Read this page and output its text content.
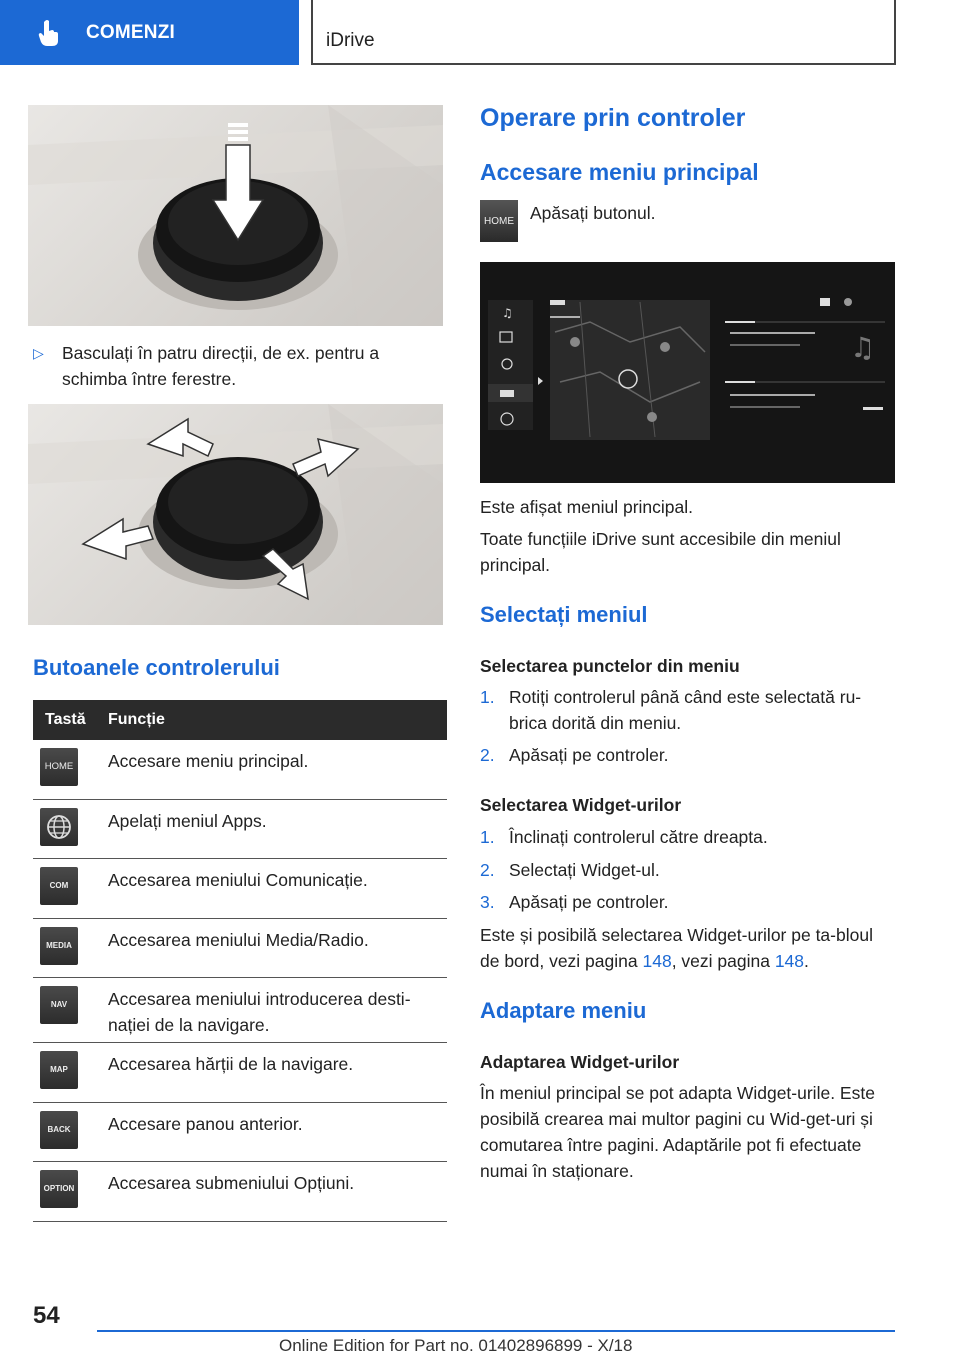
COMENZI	iDrive
▷	Basculați în patru direcții, de ex. pentru a schimba între ferestre.
Butoanele controlerului
Tastă	Funcție
HOME Accesare meniu principal.
Apelați meniul Apps.
COM	Accesarea meniului Comunicație.
MEDIA	Accesarea meniului Media/Radio.
NAV	Accesarea meniului introducerea desti-nației de la navigare.
MAP	Accesarea hărții de la navigare.
BACK	Accesare panou anterior.
OPTION Accesarea submeniului Opțiuni.
Operare prin controler
Accesare meniu principal
HOME Apăsați butonul.
♫
♫
Este afișat meniul principal.
Toate funcțiile iDrive sunt accesibile din meniul principal.
Selectați meniul
Selectarea punctelor din meniu
1. Rotiți controlerul până când este selectată ru-brica dorită din meniu.
2. Apăsați pe controler.
Selectarea Widget-urilor
1. Înclinați controlerul către dreapta.
2. Selectați Widget-ul.
3. Apăsați pe controler.
Este și posibilă selectarea Widget-urilor pe ta-bloul de bord, vezi pagina 148, vezi pagina 148.
Adaptare meniu
Adaptarea Widget-urilor
În meniul principal se pot adapta Widget-urile. Este posibilă crearea mai multor pagini cu Wid-get-uri și comutarea între pagini. Adaptările pot fi efectuate numai în staționare.
54
Online Edition for Part no. 01402896899 - X/18
